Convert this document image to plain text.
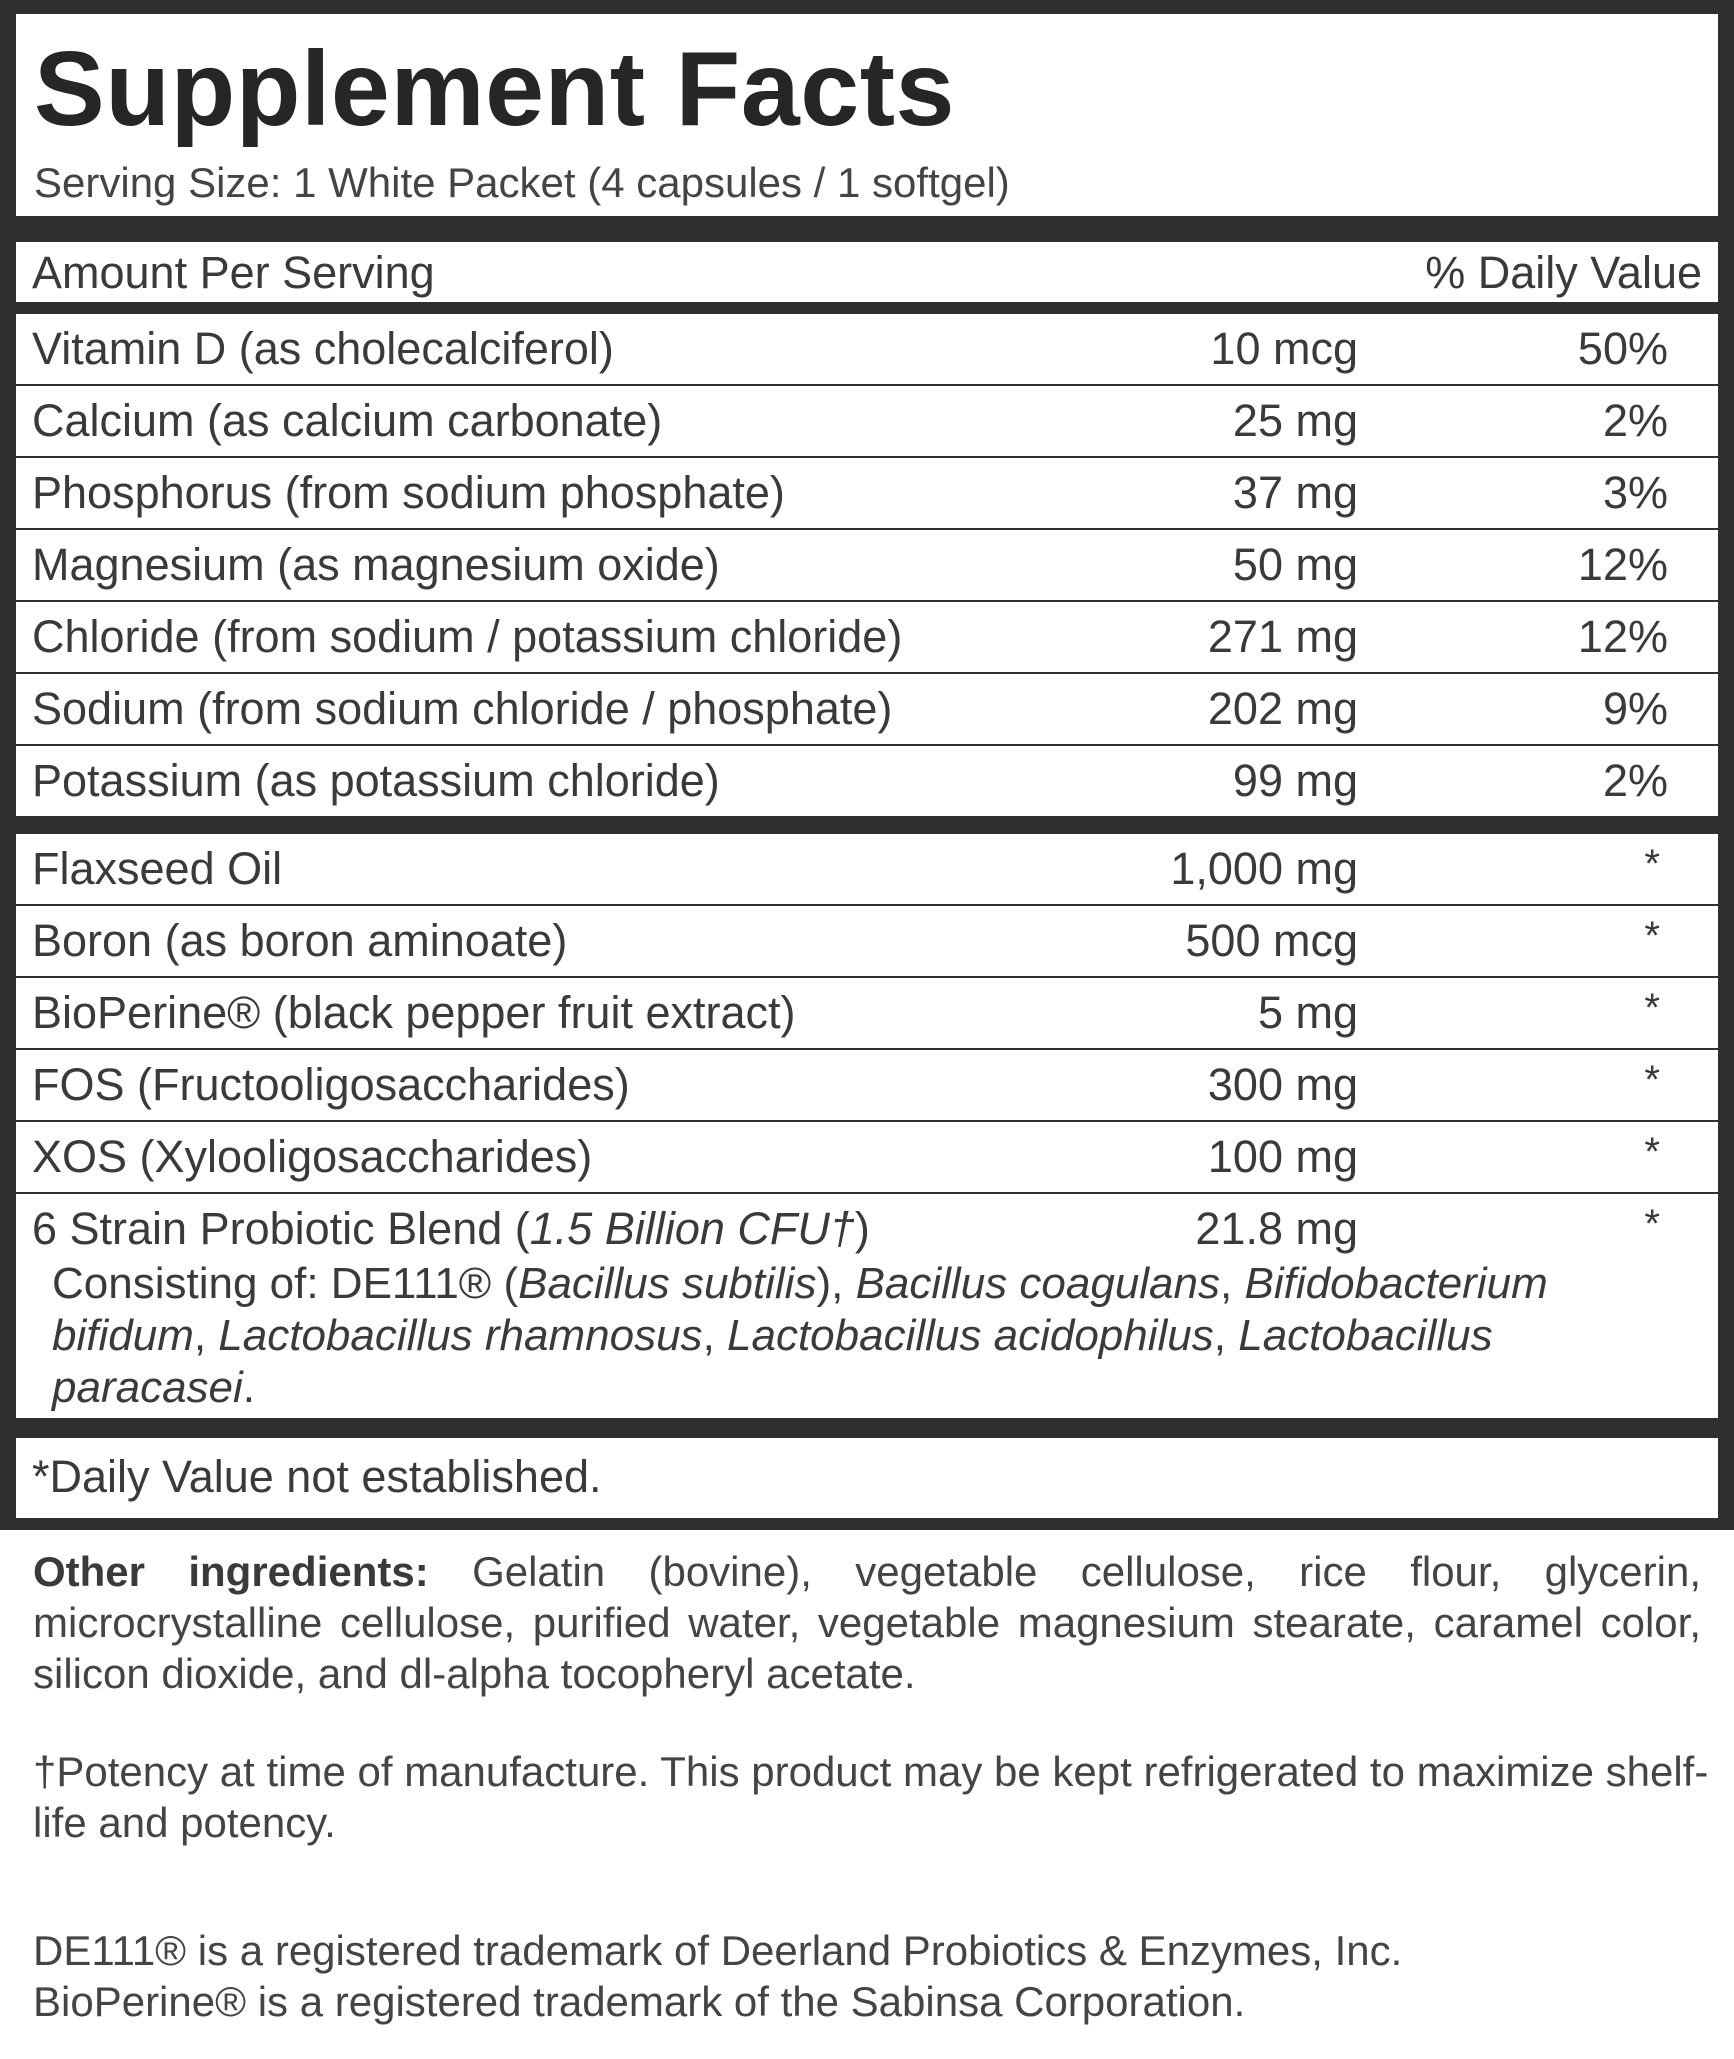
Supplement Facts
Serving Size: 1 White Packet (4 capsules / 1 softgel)
Amount Per Serving	% Daily Value
Vitamin D (as cholecalciferol)	10 mcg	50%
Calcium (as calcium carbonate)	25 mg	2%
Phosphorus (from sodium phosphate)	37 mg	3%
Magnesium (as magnesium oxide)	50 mg	12%
Chloride (from sodium / potassium chloride)	271 mg	12%
Sodium (from sodium chloride / phosphate)	202 mg	9%
Potassium (as potassium chloride)	99 mg	2%
Flaxseed Oil	1,000 mg	*
Boron (as boron aminoate)	500 mcg	*
BioPerine® (black pepper fruit extract)	5 mg	*
FOS (Fructooligosaccharides)	300 mg	*
XOS (Xylooligosaccharides)	100 mg	*
6 Strain Probiotic Blend (1.5 Billion CFU†)	21.8 mg	*
Consisting of: DE111® (Bacillus subtilis), Bacillus coagulans, Bifidobacterium bifidum, Lactobacillus rhamnosus, Lactobacillus acidophilus, Lactobacillus paracasei.
*Daily Value not established.

Other ingredients: Gelatin (bovine), vegetable cellulose, rice flour, glycerin, microcrystalline cellulose, purified water, vegetable magnesium stearate, caramel color, silicon dioxide, and dl-alpha tocopheryl acetate.

†Potency at time of manufacture. This product may be kept refrigerated to maximize shelf-life and potency.

DE111® is a registered trademark of Deerland Probiotics & Enzymes, Inc.
BioPerine® is a registered trademark of the Sabinsa Corporation.
